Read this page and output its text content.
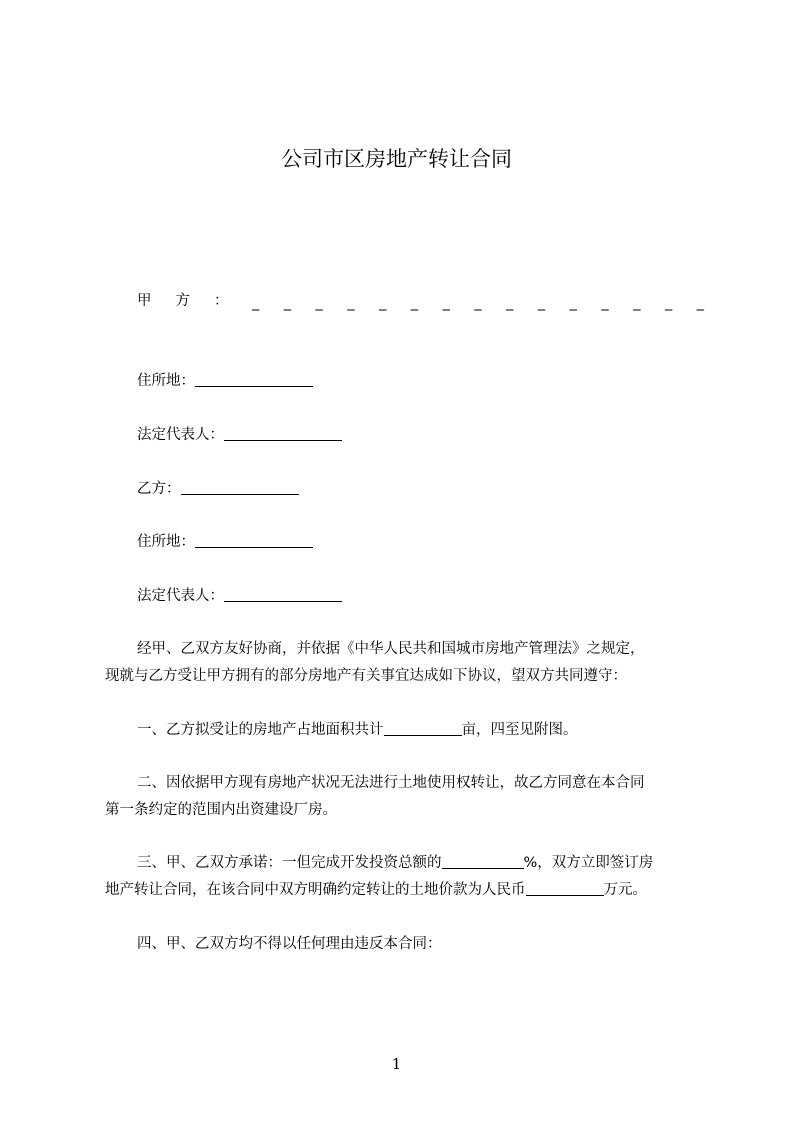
公司市区房地产转让合同
甲 方 ： _ _ _ _ _ _ _ _ _ _ _ _ _ _ _
住所地：
法定代表人：
乙方：
住所地：
法定代表人：
经甲、乙双方友好协商，并依据《中华人民共和国城市房地产管理法》之规定，
现就与乙方受让甲方拥有的部分房地产有关事宜达成如下协议，望双方共同遵守：
一、乙方拟受让的房地产占地面积共计	亩，四至见附图。
二、因依据甲方现有房地产状况无法进行土地使用权转让，故乙方同意在本合同
第一条约定的范围内出资建设厂房。
三、甲、乙双方承诺：一但完成开发投资总额的	%，双方立即签订房
地产转让合同，在该合同中双方明确约定转让的土地价款为人民币	万元。
四、甲、乙双方均不得以任何理由违反本合同：
1
